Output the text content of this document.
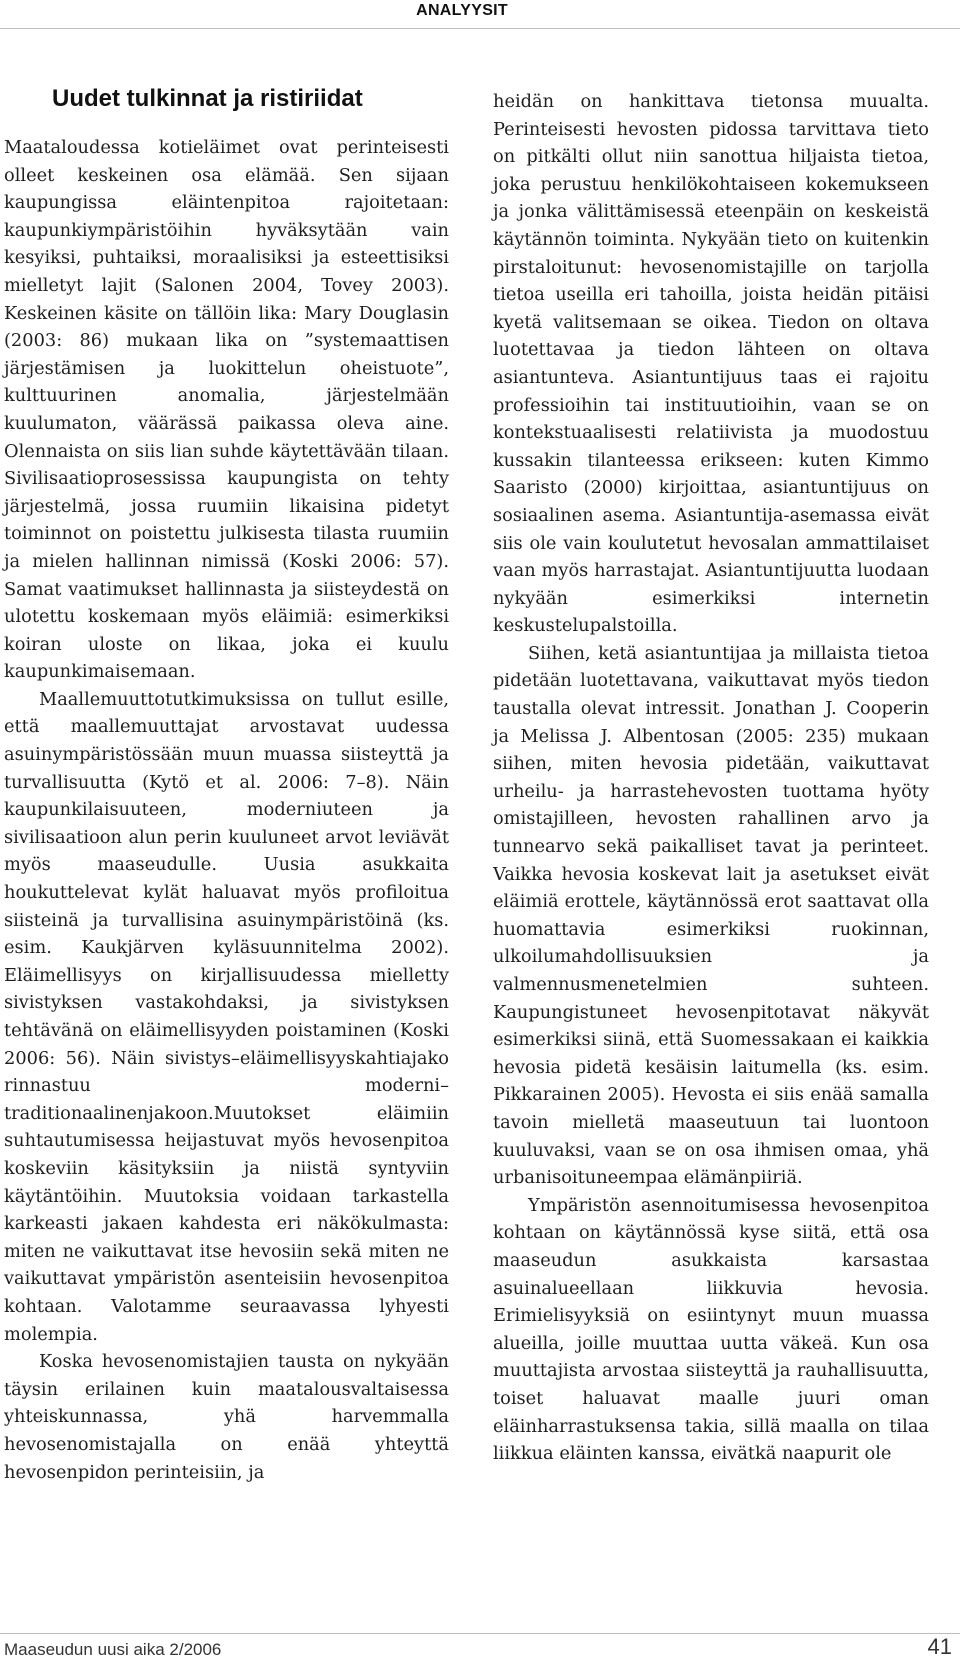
ANALYYSIT
Uudet tulkinnat ja ristiriidat

Maataloudessa kotieläimet ovat perinteisesti olleet keskeinen osa elämää. Sen sijaan kaupungissa eläintenpitoa rajoitetaan: kaupunkiympäristöihin hyväksytään vain kesyiksi, puhtaiksi, moraalisiksi ja esteettisiksi mielletyt lajit (Salonen 2004, Tovey 2003). Keskeinen käsite on tällöin lika: Mary Douglasin (2003: 86) mukaan lika on ”systemaattisen järjestämisen ja luokittelun oheistuote”, kulttuurinen anomalia, järjestelmään kuulumaton, väärässä paikassa oleva aine. Olennaista on siis lian suhde käytettävään tilaan. Sivilisaatioprosessissa kaupungista on tehty järjestelmä, jossa ruumiin likaisina pidetyt toiminnot on poistettu julkisesta tilasta ruumiin ja mielen hallinnan nimissä (Koski 2006: 57). Samat vaatimukset hallinnasta ja siisteydestä on ulotettu koskemaan myös eläimiä: esimerkiksi koiran uloste on likaa, joka ei kuulu kaupunkimaisemaan.

Maallemuuttotutkimuksissa on tullut esille, että maallemuuttajat arvostavat uudessa asuinympäristössään muun muassa siisteyttä ja turvallisuutta (Kytö et al. 2006: 7–8). Näin kaupunkilaisuuteen, moderniuteen ja sivilisaatioon alun perin kuuluneet arvot leviävät myös maaseudulle. Uusia asukkaita houkuttelevat kylät haluavat myös profiloitua siisteinä ja turvallisina asuinympäristöinä (ks. esim. Kaukjärven kyläsuunnitelma 2002). Eläimellisyys on kirjallisuudessa mielletty sivistyksen vastakohdaksi, ja sivistyksen tehtävänä on eläimellisyyden poistaminen (Koski 2006: 56). Näin sivistys–eläimellisyyskahtiajako rinnastuu moderni–traditionaalinenjakoon.Muutokset eläimiin suhtautumisessa heijastuvat myös hevosenpitoa koskeviin käsityksiin ja niistä syntyviin käytäntöihin. Muutoksia voidaan tarkastella karkeasti jakaen kahdesta eri näkökulmasta: miten ne vaikuttavat itse hevosiin sekä miten ne vaikuttavat ympäristön asenteisiin hevosenpitoa kohtaan. Valotamme seuraavassa lyhyesti molempia.

Koska hevosenomistajien tausta on nykyään täysin erilainen kuin maatalousvaltaisessa yhteiskunnassa, yhä harvemmalla hevosenomistajalla on enää yhteyttä hevosenpidon perinteisiin, ja

heidän on hankittava tietonsa muualta. Perinteisesti hevosten pidossa tarvittava tieto on pitkälti ollut niin sanottua hiljaista tietoa, joka perustuu henkilökohtaiseen kokemukseen ja jonka välittämisessä eteenpäin on keskeistä käytännön toiminta. Nykyään tieto on kuitenkin pirstaloitunut: hevosenomistajille on tarjolla tietoa useilla eri tahoilla, joista heidän pitäisi kyetä valitsemaan se oikea. Tiedon on oltava luotettavaa ja tiedon lähteen on oltava asiantunteva. Asiantuntijuus taas ei rajoitu professioihin tai instituutioihin, vaan se on kontekstuaalisesti relatiivista ja muodostuu kussakin tilanteessa erikseen: kuten Kimmo Saaristo (2000) kirjoittaa, asiantuntijuus on sosiaalinen asema. Asiantuntija-asemassa eivät siis ole vain koulutetut hevosalan ammattilaiset vaan myös harrastajat. Asiantuntijuutta luodaan nykyään esimerkiksi internetin keskustelupalstoilla.

Siihen, ketä asiantuntijaa ja millaista tietoa pidetään luotettavana, vaikuttavat myös tiedon taustalla olevat intressit. Jonathan J. Cooperin ja Melissa J. Albentosan (2005: 235) mukaan siihen, miten hevosia pidetään, vaikuttavat urheilu- ja harrastehevosten tuottama hyöty omistajilleen, hevosten rahallinen arvo ja tunnearvo sekä paikalliset tavat ja perinteet. Vaikka hevosia koskevat lait ja asetukset eivät eläimiä erottele, käytännössä erot saattavat olla huomattavia esimerkiksi ruokinnan, ulkoilumahdollisuuksien ja valmennusmenetelmien suhteen. Kaupungistuneet hevosenpitotavat näkyvät esimerkiksi siinä, että Suomessakaan ei kaikkia hevosia pidetä kesäisin laitumella (ks. esim. Pikkarainen 2005). Hevosta ei siis enää samalla tavoin mielletä maaseutuun tai luontoon kuuluvaksi, vaan se on osa ihmisen omaa, yhä urbanisoituneempaa elämänpiiriä.

Ympäristön asennoitumisessa hevosenpitoa kohtaan on käytännössä kyse siitä, että osa maaseudun asukkaista karsastaa asuinalueellaan liikkuvia hevosia. Erimielisyyksiä on esiintynyt muun muassa alueilla, joille muuttaa uutta väkeä. Kun osa muuttajista arvostaa siisteyttä ja rauhallisuutta, toiset haluavat maalle juuri oman eläinharrastuksensa takia, sillä maalla on tilaa liikkua eläinten kanssa, eivätkä naapurit ole

Maaseudun uusi aika 2/2006	41
